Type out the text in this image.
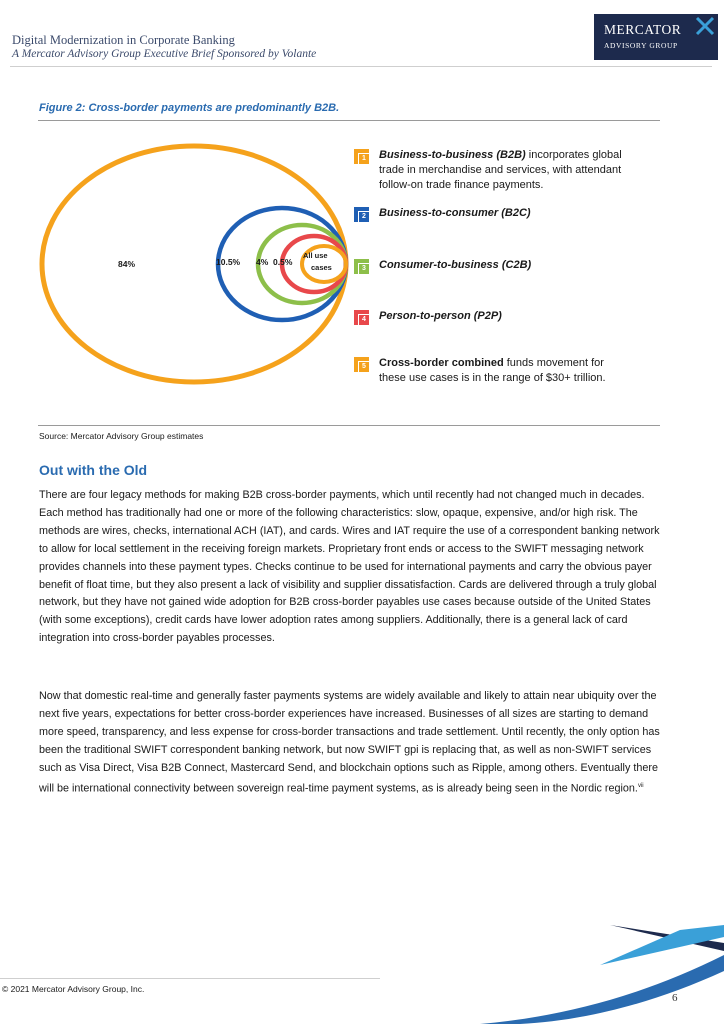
Digital Modernization in Corporate Banking

A Mercator Advisory Group Executive Brief Sponsored by Volante

MERCATOR
ADVISORY GROUP

Figure 2: Cross-border payments are predominantly B2B.

84%	10.5% 4% 0.5%
All use
cases
1 Business-to-business (B2B) incorporates global trade in merchandise and services, with attendant follow-on trade finance payments.
2 Business-to-consumer (B2C)
3 Consumer-to-business (C2B)
4 Person-to-person (P2P)
5 Cross-border combined funds movement for these use cases is in the range of $30+ trillion.

Source: Mercator Advisory Group estimates

Out with the Old

There are four legacy methods for making B2B cross-border payments, which until recently had not changed much in decades. Each method has traditionally had one or more of the following characteristics: slow, opaque, expensive, and/or high risk. The methods are wires, checks, international ACH (IAT), and cards. Wires and IAT require the use of a correspondent banking network to allow for local settlement in the receiving foreign markets. Proprietary front ends or access to the SWIFT messaging network provides channels into these payment types. Checks continue to be used for international payments and carry the obvious payer benefit of float time, but they also present a lack of visibility and supplier dissatisfaction. Cards are delivered through a truly global network, but they have not gained wide adoption for B2B cross-border payables use cases because outside of the United States (with some exceptions), credit cards have lower adoption rates among suppliers. Additionally, there is a general lack of card integration into cross-border payables processes.

Now that domestic real-time and generally faster payments systems are widely available and likely to attain near ubiquity over the next five years, expectations for better cross-border experiences have increased. Businesses of all sizes are starting to demand more speed, transparency, and less expense for cross-border transactions and trade settlement. Until recently, the only option has been the traditional SWIFT correspondent banking network, but now SWIFT gpi is replacing that, as well as non-SWIFT services such as Visa Direct, Visa B2B Connect, Mastercard Send, and blockchain options such as Ripple, among others. Eventually there will be international connectivity between sovereign real-time payment systems, as is already being seen in the Nordic region.$^{vii}$

© 2021 Mercator Advisory Group, Inc.

6
